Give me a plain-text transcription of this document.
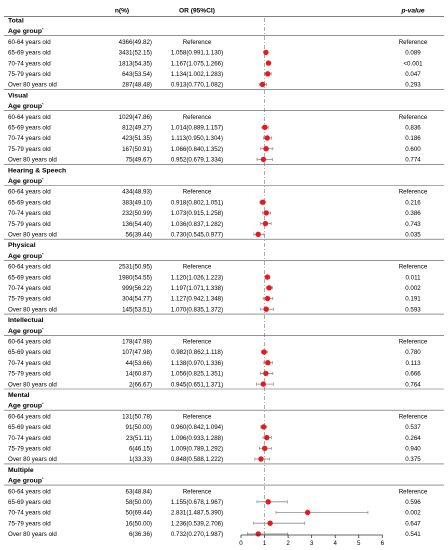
n(%)	OR (95%CI)	p-value
Total
Age group*
60-64 years old	4366(49.82)	Reference	Reference
65-69 years old	3431(52.15)	1.058(0.991,1.130)	0.089
70-74 years old	1813(54.35)	1.167(1.075,1.266)	<0.001
75-79 years old	643(53.54)	1.134(1.002,1.283)	0.047
Over 80 years old	287(48.48)	0.913(0.770,1.082)	0.293
Visual
Age group*
60-64 years old	1029(47.86)	Reference	Reference
65-69 years old	812(49.27)	1.014(0.889,1.157)	0.836
70-74 years old	423(51.35)	1.113(0.950,1.304)	0.186
75-79 years old	167(50.91)	1.066(0.840,1.352)	0.600
Over 80 years old	75(49.67)	0.952(0.679,1.334)	0.774
Hearing & Speech
Age group*
60-64 years old	434(48.93)	Reference	Reference
65-69 years old	383(49.10)	0.918(0.802,1.051)	0.216
70-74 years old	232(50.99)	1.073(0.915,1.258)	0.386
75-79 years old	136(54.40)	1.036(0.837,1.282)	0.743
Over 80 years old	56(39.44)	0.730(0.545,0.977)	0.035
Physical
Age group*
60-64 years old	2531(50.95)	Reference	Reference
65-69 years old	1980(54.55)	1.120(1.026,1.223)	0.011
70-74 years old	999(56.22)	1.197(1.071,1.338)	0.002
75-79 years old	304(54.77)	1.127(0.942,1.348)	0.191
Over 80 years old	145(53.51)	1.070(0.835,1.372)	0.593
Intellectual
Age group*
60-64 years old	178(47.98)	Reference	Reference
65-69 years old	107(47.98)	0.982(0.862,1.118)	0.780
70-74 years old	44(53.66)	1.138(0.970,1.336)	0.113
75-79 years old	14(60.87)	1.056(0.825,1.351)	0.666
Over 80 years old	2(66.67)	0.945(0.651,1.371)	0.764
Mental
Age group*
60-64 years old	131(50.78)	Reference	Reference
65-69 years old	91(50.00)	0.960(0.842,1.094)	0.537
70-74 years old	23(51.11)	1.096(0.933,1.288)	0.264
75-79 years old	6(46.15)	1.009(0.789,1.292)	0.940
Over 80 years old	1(33.33)	0.848(0.588,1.222)	0.375
Multiple
Age group*
60-64 years old	63(48.84)	Reference	Reference
65-69 years old	58(50.00)	1.155(0.678,1.967)	0.596
70-74 years old	50(69.44)	2.831(1.487,5.390)	0.002
75-79 years old	16(50.00)	1.236(0.539,2.706)	0.647
Over 80 years old	6(36.36)	0.732(0.270,1.987)	0.541
0	1	2	3	4	5	6
